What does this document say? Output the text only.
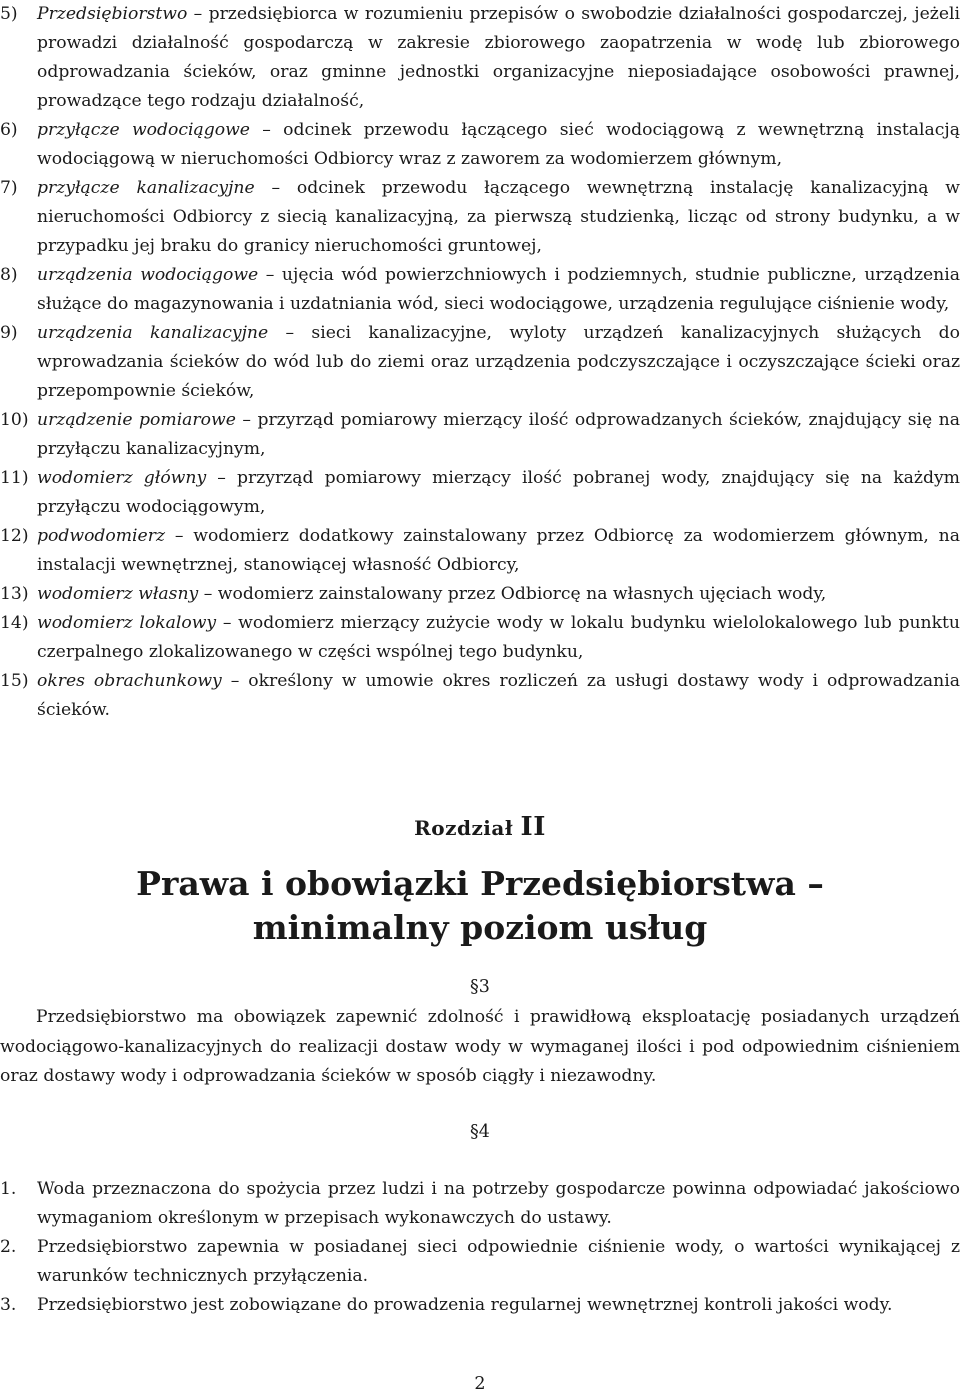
5) Przedsiębiorstwo – przedsiębiorca w rozumieniu przepisów o swobodzie działalności gospodarczej, jeżeli prowadzi działalność gospodarczą w zakresie zbiorowego zaopatrzenia w wodę lub zbiorowego odprowadzania ścieków, oraz gminne jednostki organizacyjne nieposiadające osobowości prawnej, prowadzące tego rodzaju działalność,
6) przyłącze wodociągowe – odcinek przewodu łączącego sieć wodociągową z wewnętrzną instalacją wodociągową w nieruchomości Odbiorcy wraz z zaworem za wodomierzem głównym,
7) przyłącze kanalizacyjne – odcinek przewodu łączącego wewnętrzną instalację kanalizacyjną w nieruchomości Odbiorcy z siecią kanalizacyjną, za pierwszą studzienką, licząc od strony budynku, a w przypadku jej braku do granicy nieruchomości gruntowej,
8) urządzenia wodociągowe – ujęcia wód powierzchniowych i podziemnych, studnie publiczne, urządzenia służące do magazynowania i uzdatniania wód, sieci wodociągowe, urządzenia regulujące ciśnienie wody,
9) urządzenia kanalizacyjne – sieci kanalizacyjne, wyloty urządzeń kanalizacyjnych służących do wprowadzania ścieków do wód lub do ziemi oraz urządzenia podczyszczające i oczyszczające ścieki oraz przepompownie ścieków,
10) urządzenie pomiarowe – przyrząd pomiarowy mierzący ilość odprowadzanych ścieków, znajdujący się na przyłączu kanalizacyjnym,
11) wodomierz główny – przyrząd pomiarowy mierzący ilość pobranej wody, znajdujący się na każdym przyłączu wodociągowym,
12) podwodomierz – wodomierz dodatkowy zainstalowany przez Odbiorcę za wodomierzem głównym, na instalacji wewnętrznej, stanowiącej własność Odbiorcy,
13) wodomierz własny – wodomierz zainstalowany przez Odbiorcę na własnych ujęciach wody,
14) wodomierz lokalowy – wodomierz mierzący zużycie wody w lokalu budynku wielolokalowego lub punktu czerpalnego zlokalizowanego w części wspólnej tego budynku,
15) okres obrachunkowy – określony w umowie okres rozliczeń za usługi dostawy wody i odprowadzania ścieków.
Rozdział II
Prawa i obowiązki Przedsiębiorstwa –
minimalny poziom usług
§3
Przedsiębiorstwo ma obowiązek zapewnić zdolność i prawidłową eksploatację posiadanych urządzeń wodociągowo-kanalizacyjnych do realizacji dostaw wody w wymaganej ilości i pod odpowiednim ciśnieniem oraz dostawy wody i odprowadzania ścieków w sposób ciągły i niezawodny.
§4
1. Woda przeznaczona do spożycia przez ludzi i na potrzeby gospodarcze powinna odpowiadać jakościowo wymaganiom określonym w przepisach wykonawczych do ustawy.
2. Przedsiębiorstwo zapewnia w posiadanej sieci odpowiednie ciśnienie wody, o wartości wynikającej z warunków technicznych przyłączenia.
3. Przedsiębiorstwo jest zobowiązane do prowadzenia regularnej wewnętrznej kontroli jakości wody.
2
